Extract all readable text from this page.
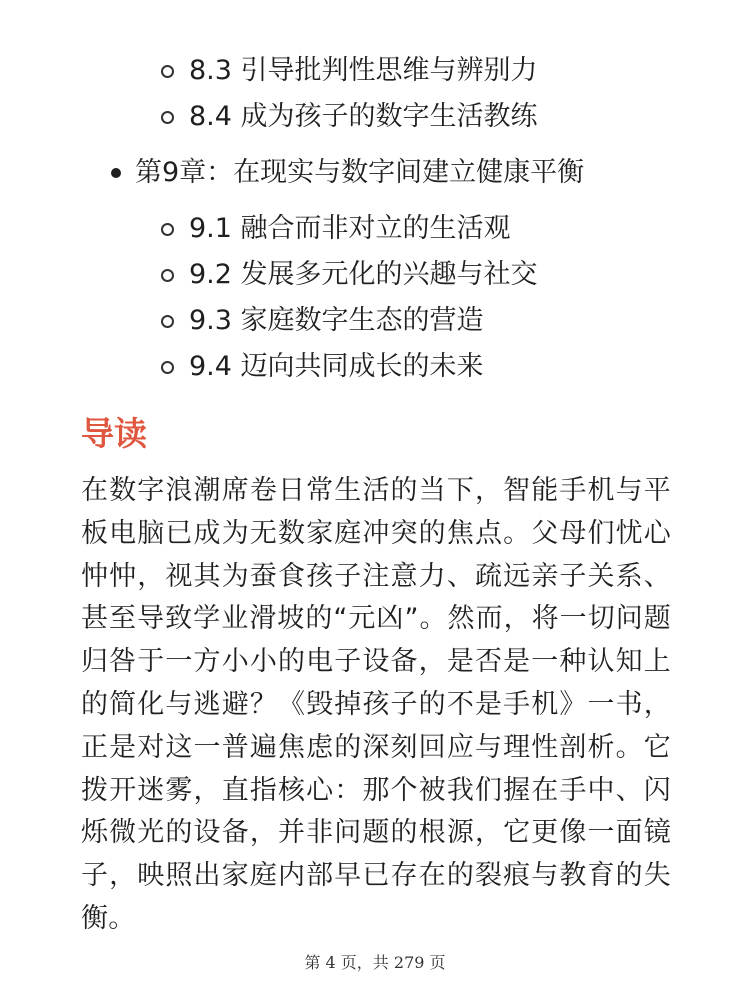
8.3 引导批判性思维与辨别力
8.4 成为孩子的数字生活教练
第9章：在现实与数字间建立健康平衡
9.1 融合而非对立的生活观
9.2 发展多元化的兴趣与社交
9.3 家庭数字生态的营造
9.4 迈向共同成长的未来
导读

在数字浪潮席卷日常生活的当下，智能手机与平板电脑已成为无数家庭冲突的焦点。父母们忧心忡忡，视其为蚕食孩子注意力、疏远亲子关系、甚至导致学业滑坡的“元凶”。然而，将一切问题归咎于一方小小的电子设备，是否是一种认知上的简化与逃避？《毁掉孩子的不是手机》一书，正是对这一普遍焦虑的深刻回应与理性剖析。它拨开迷雾，直指核心：那个被我们握在手中、闪烁微光的设备，并非问题的根源，它更像一面镜子，映照出家庭内部早已存在的裂痕与教育的失衡。

第 4 页，共 279 页
